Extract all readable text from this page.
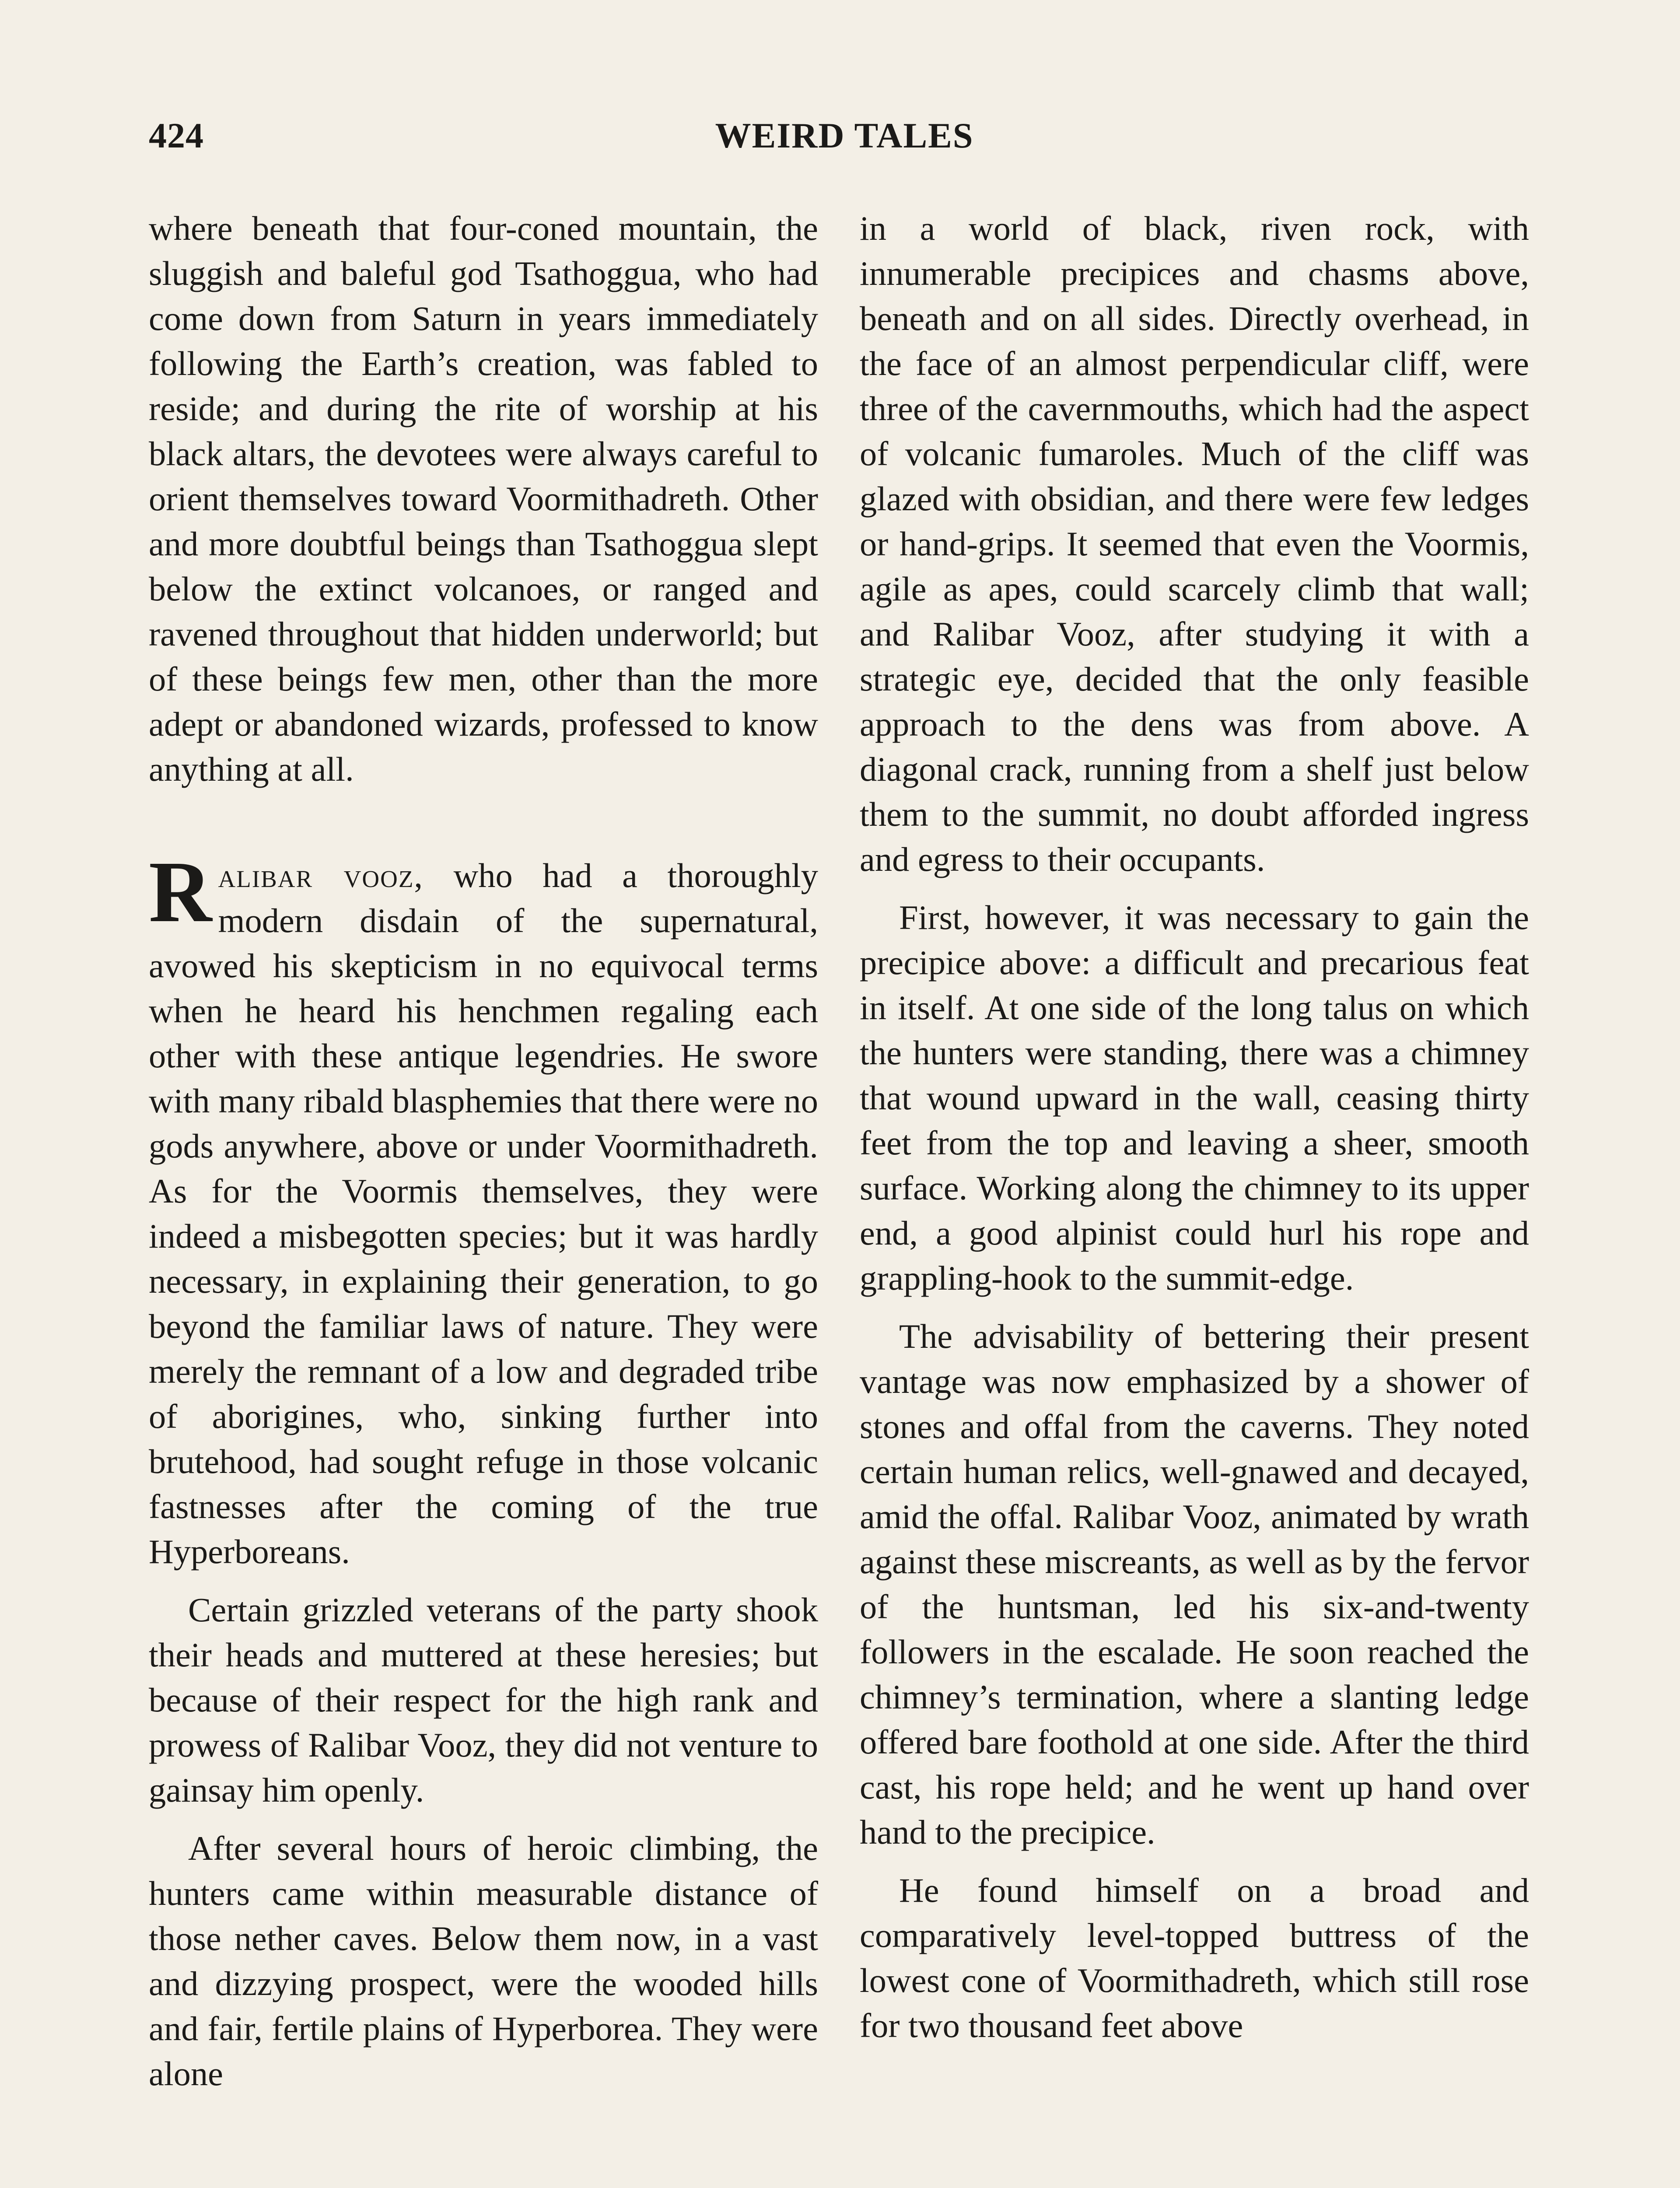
424	WEIRD TALES

where beneath that four-coned mountain, the sluggish and baleful god Tsathoggua, who had come down from Saturn in years immediately following the Earth’s creation, was fabled to reside; and during the rite of worship at his black altars, the devotees were always careful to orient themselves toward Voormithadreth. Other and more doubtful beings than Tsathoggua slept below the extinct volcanoes, or ranged and ravened throughout that hidden underworld; but of these beings few men, other than the more adept or abandoned wizards, professed to know anything at all.

Ralibar vooz, who had a thoroughly modern disdain of the supernatural, avowed his skepticism in no equivocal terms when he heard his henchmen regaling each other with these antique legendries. He swore with many ribald blasphemies that there were no gods anywhere, above or under Voormithadreth. As for the Voormis themselves, they were indeed a misbegotten species; but it was hardly necessary, in explaining their generation, to go beyond the familiar laws of nature. They were merely the remnant of a low and degraded tribe of aborigines, who, sinking further into brutehood, had sought refuge in those volcanic fastnesses after the coming of the true Hyperboreans.

Certain grizzled veterans of the party shook their heads and muttered at these heresies; but because of their respect for the high rank and prowess of Ralibar Vooz, they did not venture to gainsay him openly.

After several hours of heroic climbing, the hunters came within measurable distance of those nether caves. Below them now, in a vast and dizzying prospect, were the wooded hills and fair, fertile plains of Hyperborea. They were alone

in a world of black, riven rock, with innumerable precipices and chasms above, beneath and on all sides. Directly overhead, in the face of an almost perpendicular cliff, were three of the cavernmouths, which had the aspect of volcanic fumaroles. Much of the cliff was glazed with obsidian, and there were few ledges or hand-grips. It seemed that even the Voormis, agile as apes, could scarcely climb that wall; and Ralibar Vooz, after studying it with a strategic eye, decided that the only feasible approach to the dens was from above. A diagonal crack, running from a shelf just below them to the summit, no doubt afforded ingress and egress to their occupants.

First, however, it was necessary to gain the precipice above: a difficult and precarious feat in itself. At one side of the long talus on which the hunters were standing, there was a chimney that wound upward in the wall, ceasing thirty feet from the top and leaving a sheer, smooth surface. Working along the chimney to its upper end, a good alpinist could hurl his rope and grappling-hook to the summit-edge.

The advisability of bettering their present vantage was now emphasized by a shower of stones and offal from the caverns. They noted certain human relics, well-gnawed and decayed, amid the offal. Ralibar Vooz, animated by wrath against these miscreants, as well as by the fervor of the huntsman, led his six-and-twenty followers in the escalade. He soon reached the chimney’s termination, where a slanting ledge offered bare foothold at one side. After the third cast, his rope held; and he went up hand over hand to the precipice.

He found himself on a broad and comparatively level-topped buttress of the lowest cone of Voormithadreth, which still rose for two thousand feet above
